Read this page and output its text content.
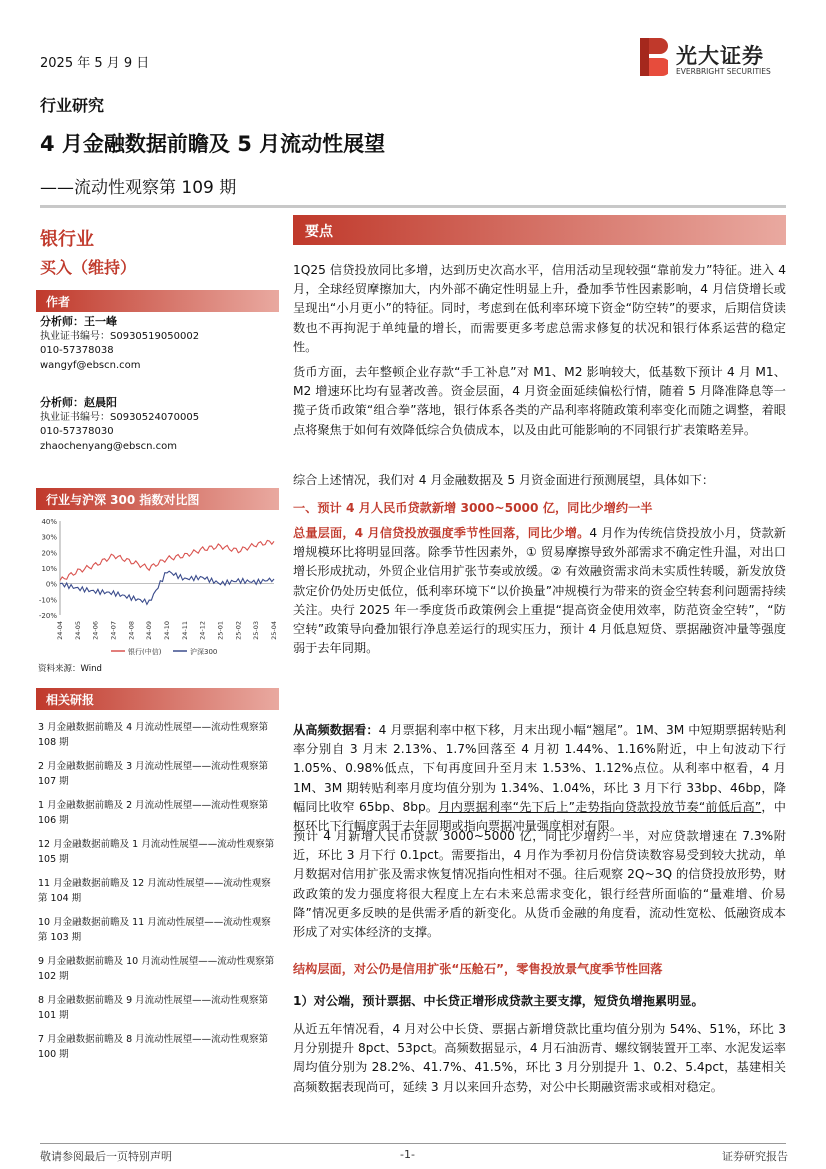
2025 年 5 月 9 日	光大证券
EVERBRIGHT SECURITIES
行业研究
4 月金融数据前瞻及 5 月流动性展望
——流动性观察第 109 期
银行业
买入（维持）
作者
分析师：王一峰
执业证书编号：S0930519050002
010-57378038
wangyf@ebscn.com
分析师：赵晨阳
执业证书编号：S0930524070005
010-57378030
zhaochenyang@ebscn.com
行业与沪深 300 指数对比图
40%
30%
20%
10%
0%
-10%
-20%
24-04 24-05 24-06 24-07 24-08 24-09 24-10 24-11 24-12 25-01 25-02 25-03 25-04
银行(中信)	沪深300
资料来源：Wind
相关研报
3 月金融数据前瞻及 4 月流动性展望——流动性观察第 108 期
2 月金融数据前瞻及 3 月流动性展望——流动性观察第 107 期
1 月金融数据前瞻及 2 月流动性展望——流动性观察第 106 期
12 月金融数据前瞻及 1 月流动性展望——流动性观察第 105 期
11 月金融数据前瞻及 12 月流动性展望——流动性观察第 104 期
10 月金融数据前瞻及 11 月流动性展望——流动性观察第 103 期
9 月金融数据前瞻及 10 月流动性展望——流动性观察第 102 期
8 月金融数据前瞻及 9 月流动性展望——流动性观察第 101 期
7 月金融数据前瞻及 8 月流动性展望——流动性观察第 100 期
要点
1Q25 信贷投放同比多增，达到历史次高水平，信用活动呈现较强“靠前发力”特征。进入 4 月，全球经贸摩擦加大，内外部不确定性明显上升，叠加季节性因素影响，4 月信贷增长或呈现出“小月更小”的特征。同时，考虑到在低利率环境下资金“防空转”的要求，后期信贷读数也不再拘泥于单纯量的增长，而需要更多考虑总需求修复的状况和银行体系运营的稳定性。
货币方面，去年整顿企业存款“手工补息”对 M1、M2 影响较大，低基数下预计 4 月 M1、M2 增速环比均有显著改善。资金层面，4 月资金面延续偏松行情，随着 5 月降准降息等一揽子货币政策“组合拳”落地，银行体系各类的产品利率将随政策利率变化而随之调整，着眼点将聚焦于如何有效降低综合负债成本，以及由此可能影响的不同银行扩表策略差异。
综合上述情况，我们对 4 月金融数据及 5 月资金面进行预测展望，具体如下：
一、预计 4 月人民币贷款新增 3000~5000 亿，同比少增约一半
总量层面，4 月信贷投放强度季节性回落，同比少增。4 月作为传统信贷投放小月，贷款新增规模环比将明显回落。除季节性因素外，① 贸易摩擦导致外部需求不确定性升温，对出口增长形成扰动，外贸企业信用扩张节奏或放缓。② 有效融资需求尚未实质性转暖，新发放贷款定价仍处历史低位，低利率环境下“以价换量”冲规模行为带来的资金空转套利问题需持续关注。央行 2025 年一季度货币政策例会上重提“提高资金使用效率，防范资金空转”，“防空转”政策导向叠加银行净息差运行的现实压力，预计 4 月低息短贷、票据融资冲量等强度弱于去年同期。
从高频数据看：4 月票据利率中枢下移，月末出现小幅“翘尾”。1M、3M 中短期票据转贴利率分别自 3 月末 2.13%、1.7%回落至 4 月初 1.44%、1.16%附近，中上旬波动下行 1.05%、0.98%低点，下旬再度回升至月末 1.53%、1.12%点位。从利率中枢看，4 月 1M、3M 期转贴利率月度均值分别为 1.34%、1.04%，环比 3 月下行 33bp、46bp，降幅同比收窄 65bp、8bp。月内票据利率“先下后上”走势指向贷款投放节奏“前低后高”，中枢环比下行幅度弱于去年同期或指向票据冲量强度相对有限。
预计 4 月新增人民币贷款 3000~5000 亿，同比少增约一半，对应贷款增速在 7.3%附近，环比 3 月下行 0.1pct。需要指出，4 月作为季初月份信贷读数容易受到较大扰动，单月数据对信用扩张及需求恢复情况指向性相对不强。往后观察 2Q~3Q 的信贷投放形势，财政政策的发力强度将很大程度上左右未来总需求变化，银行经营所面临的“量难增、价易降”情况更多反映的是供需矛盾的新变化。从货币金融的角度看，流动性宽松、低融资成本形成了对实体经济的支撑。
结构层面，对公仍是信用扩张“压舱石”，零售投放景气度季节性回落
1）对公端，预计票据、中长贷正增形成贷款主要支撑，短贷负增拖累明显。
从近五年情况看，4 月对公中长贷、票据占新增贷款比重均值分别为 54%、51%，环比 3 月分别提升 8pct、53pct。高频数据显示，4 月石油沥青、螺纹钢装置开工率、水泥发运率周均值分别为 28.2%、41.7%、41.5%，环比 3 月分别提升 1、0.2、5.4pct，基建相关高频数据表现尚可，延续 3 月以来回升态势，对公中长期融资需求或相对稳定。
敬请参阅最后一页特别声明	-1-	证券研究报告
